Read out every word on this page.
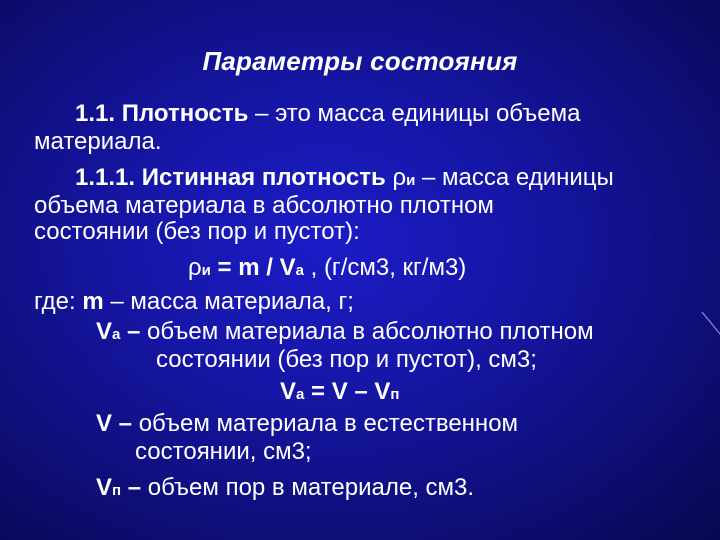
Параметры состояния
1.1. Плотность – это масса единицы объема
материала.
1.1.1. Истинная плотность ρи – масса единицы
объема материала в абсолютно плотном
состоянии (без пор и пустот):
ρи = m / Vа , (г/см3, кг/м3)
где: m – масса материала, г;
Vа – объем материала в абсолютно плотном
состоянии (без пор и пустот), см3;
Vа = V – Vп
V – объем материала в естественном
состоянии, см3;
Vп – объем пор в материале, см3.
